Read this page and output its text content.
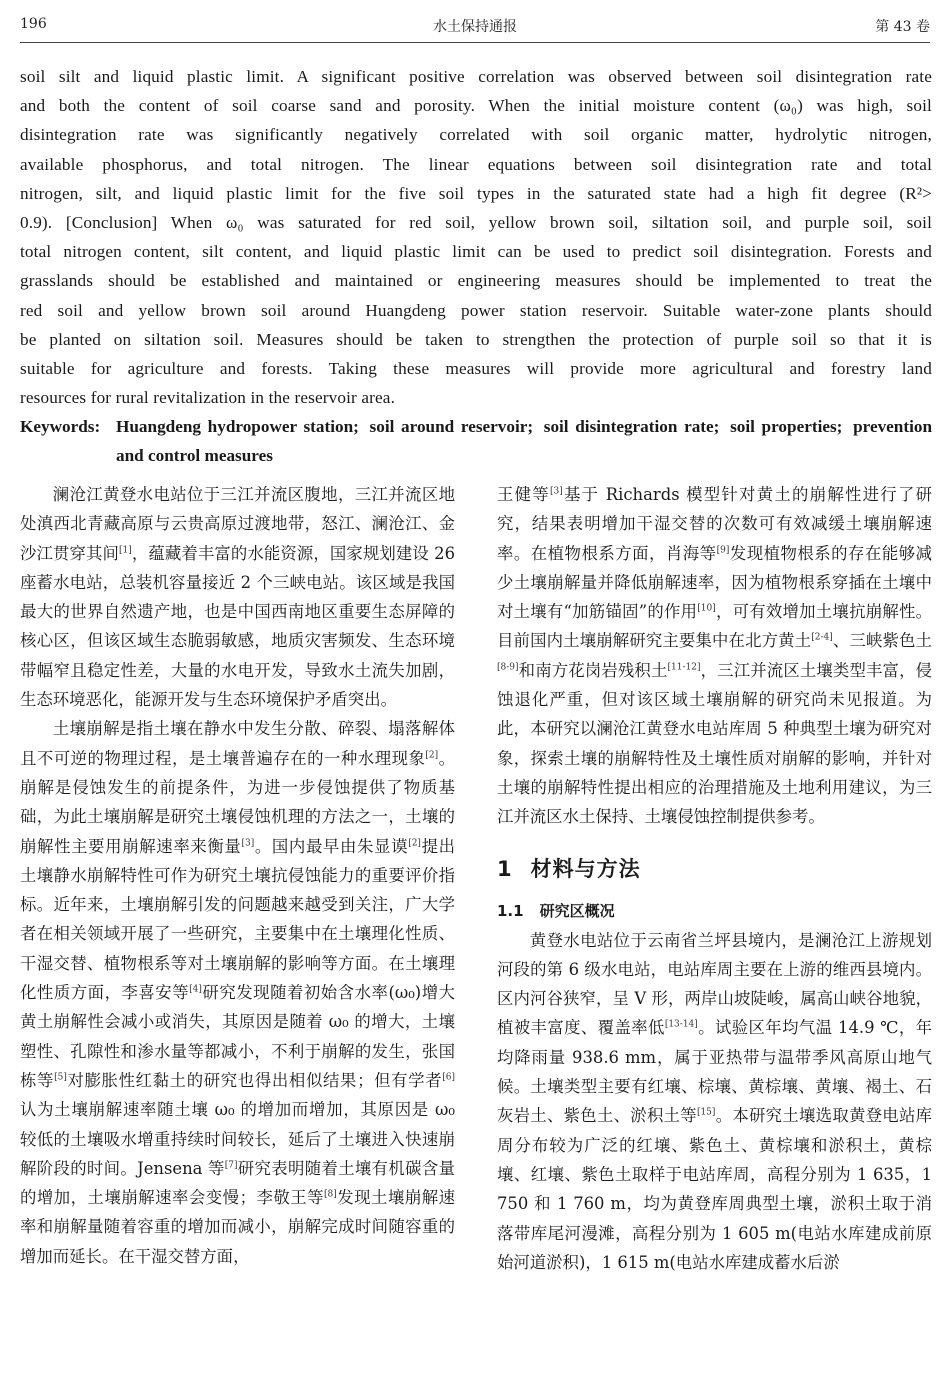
196	水土保持通报	第 43 卷
soil silt and liquid plastic limit. A significant positive correlation was observed between soil disintegration rate
and both the content of soil coarse sand and porosity. When the initial moisture content (ω₀) was high, soil
disintegration rate was significantly negatively correlated with soil organic matter, hydrolytic nitrogen,
available phosphorus, and total nitrogen. The linear equations between soil disintegration rate and total
nitrogen, silt, and liquid plastic limit for the five soil types in the saturated state had a high fit degree (R²>
0.9). [Conclusion] When ω₀ was saturated for red soil, yellow brown soil, siltation soil, and purple soil, soil
total nitrogen content, silt content, and liquid plastic limit can be used to predict soil disintegration. Forests and
grasslands should be established and maintained or engineering measures should be implemented to treat the
red soil and yellow brown soil around Huangdeng power station reservoir. Suitable water-zone plants should
be planted on siltation soil. Measures should be taken to strengthen the protection of purple soil so that it is
suitable for agriculture and forests. Taking these measures will provide more agricultural and forestry land
resources for rural revitalization in the reservoir area.
Keywords: Huangdeng hydropower station; soil around reservoir; soil disintegration rate; soil properties; prevention and control measures

澜沧江黄登水电站位于三江并流区腹地，三江并流区地处滇西北青藏高原与云贵高原过渡地带，怒江、澜沧江、金沙江贯穿其间[1]，蕴藏着丰富的水能资源，国家规划建设 26 座蓄水电站，总装机容量接近 2 个三峡电站。该区域是我国最大的世界自然遗产地，也是中国西南地区重要生态屏障的核心区，但该区域生态脆弱敏感，地质灾害频发、生态环境带幅窄且稳定性差，大量的水电开发，导致水土流失加剧，生态环境恶化，能源开发与生态环境保护矛盾突出。

土壤崩解是指土壤在静水中发生分散、碎裂、塌落解体且不可逆的物理过程，是土壤普遍存在的一种水理现象[2]。崩解是侵蚀发生的前提条件，为进一步侵蚀提供了物质基础，为此土壤崩解是研究土壤侵蚀机理的方法之一，土壤的崩解性主要用崩解速率来衡量[3]。国内最早由朱显谟[2]提出土壤静水崩解特性可作为研究土壤抗侵蚀能力的重要评价指标。近年来，土壤崩解引发的问题越来越受到关注，广大学者在相关领域开展了一些研究，主要集中在土壤理化性质、干湿交替、植物根系等对土壤崩解的影响等方面。在土壤理化性质方面，李喜安等[4]研究发现随着初始含水率(ω₀)增大黄土崩解性会减小或消失，其原因是随着 ω₀ 的增大，土壤塑性、孔隙性和渗水量等都减小，不利于崩解的发生，张国栋等[5]对膨胀性红黏土的研究也得出相似结果；但有学者[6]认为土壤崩解速率随土壤 ω₀ 的增加而增加，其原因是 ω₀ 较低的土壤吸水增重持续时间较长，延后了土壤进入快速崩解阶段的时间。Jensena 等[7]研究表明随着土壤有机碳含量的增加，土壤崩解速率会变慢；李敬王等[8]发现土壤崩解速率和崩解量随着容重的增加而减小，崩解完成时间随容重的增加而延长。在干湿交替方面，

王健等[3]基于 Richards 模型针对黄土的崩解性进行了研究，结果表明增加干湿交替的次数可有效减缓土壤崩解速率。在植物根系方面，肖海等[9]发现植物根系的存在能够减少土壤崩解量并降低崩解速率，因为植物根系穿插在土壤中对土壤有“加筋锚固”的作用[10]，可有效增加土壤抗崩解性。目前国内土壤崩解研究主要集中在北方黄土[2-4]、三峡紫色土[8-9]和南方花岗岩残积土[11-12]，三江并流区土壤类型丰富，侵蚀退化严重，但对该区域土壤崩解的研究尚未见报道。为此，本研究以澜沧江黄登水电站库周 5 种典型土壤为研究对象，探索土壤的崩解特性及土壤性质对崩解的影响，并针对土壤的崩解特性提出相应的治理措施及土地利用建议，为三江并流区水土保持、土壤侵蚀控制提供参考。

1 材料与方法
1.1 研究区概况

黄登水电站位于云南省兰坪县境内，是澜沧江上游规划河段的第 6 级水电站，电站库周主要在上游的维西县境内。区内河谷狭窄，呈 V 形，两岸山坡陡峻，属高山峡谷地貌，植被丰富度、覆盖率低[13-14]。试验区年均气温 14.9 ℃，年均降雨量 938.6 mm，属于亚热带与温带季风高原山地气候。土壤类型主要有红壤、棕壤、黄棕壤、黄壤、褐土、石灰岩土、紫色土、淤积土等[15]。本研究土壤选取黄登电站库周分布较为广泛的红壤、紫色土、黄棕壤和淤积土，黄棕壤、红壤、紫色土取样于电站库周，高程分别为 1 635，1 750 和 1 760 m，均为黄登库周典型土壤，淤积土取于消落带库尾河漫滩，高程分别为 1 605 m(电站水库建成前原始河道淤积)，1 615 m(电站水库建成蓄水后淤
